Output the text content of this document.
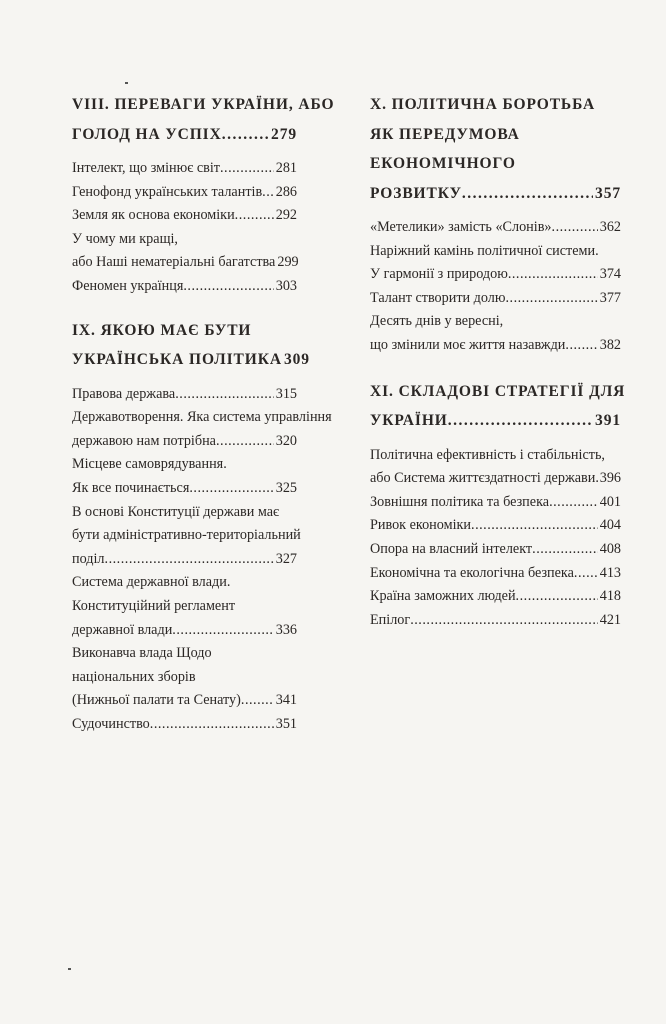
VIII. ПЕРЕВАГИ УКРАЇНИ, АБО
ГОЛОД НА УСПІХ .....	279
Інтелект, що змінює світ .....	281
Генофонд українських талантів ..... 286
Земля як основа економіки .....	292
У чому ми кращі,
або Наші нематеріальні багатства 299
Феномен українця .....	303
IX. ЯКОЮ МАЄ БУТИ
УКРАЇНСЬКА ПОЛІТИКА 309
Правова держава .....	315
Державотворення. Яка система управління
державою нам потрібна .....	320
Місцеве самоврядування.
Як все починається .....	325
В основі Конституції держави має
бути адміністративно-територіальний
поділ .....	327
Система державної влади.
Конституційний регламент
державної влади .....	336
Виконавча влада Щодо
національних зборів
(Нижньої палати та Сенату) ..... 341
Судочинство .....	351
X. ПОЛІТИЧНА БОРОТЬБА
ЯК ПЕРЕДУМОВА
ЕКОНОМІЧНОГО
РОЗВИТКУ .....	357
«Метелики» замість «Слонів» .....	362
Наріжний камінь політичної системи.
У гармонії з природою .....	374
Талант створити долю .....	377
Десять днів у вересні,
що змінили моє життя назавжди ..... 382
XI. СКЛАДОВІ СТРАТЕГІЇ ДЛЯ
УКРАЇНИ .....	391
Політична ефективність і стабільність,
або Система життєздатності держави ..... 396
Зовнішня політика та безпека .....	401
Ривок економіки .....	404
Опора на власний інтелект .....	408
Економічна та екологічна безпека ..... 413
Країна заможних людей .....	418
Епілог .....	421
